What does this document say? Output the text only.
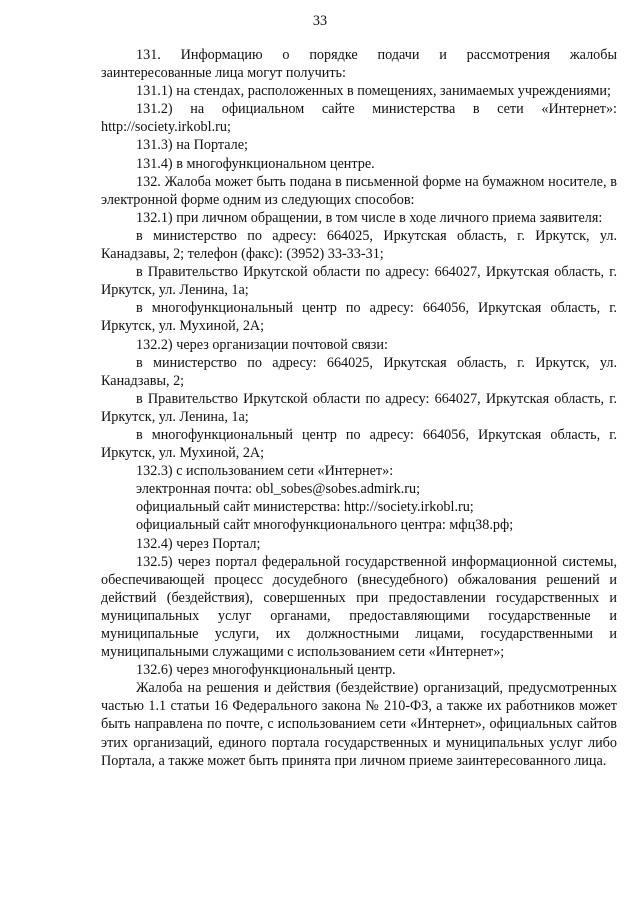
33

131. Информацию о порядке подачи и рассмотрения жалобы заинтересованные лица могут получить:

131.1) на стендах, расположенных в помещениях, занимаемых учреждениями;

131.2) на официальном сайте министерства в сети «Интернет»: http://society.irkobl.ru;

131.3) на Портале;

131.4) в многофункциональном центре.

132. Жалоба может быть подана в письменной форме на бумажном носителе, в электронной форме одним из следующих способов:

132.1) при личном обращении, в том числе в ходе личного приема заявителя:

в министерство по адресу: 664025, Иркутская область, г. Иркутск, ул. Канадзавы, 2; телефон (факс): (3952) 33-33-31;

в Правительство Иркутской области по адресу: 664027, Иркутская область, г. Иркутск, ул. Ленина, 1а;

в многофункциональный центр по адресу: 664056, Иркутская область, г. Иркутск, ул. Мухиной, 2А;

132.2) через организации почтовой связи:

в министерство по адресу: 664025, Иркутская область, г. Иркутск, ул. Канадзавы, 2;

в Правительство Иркутской области по адресу: 664027, Иркутская область, г. Иркутск, ул. Ленина, 1а;

в многофункциональный центр по адресу: 664056, Иркутская область, г. Иркутск, ул. Мухиной, 2А;

132.3) с использованием сети «Интернет»:

электронная почта: obl_sobes@sobes.admirk.ru;

официальный сайт министерства: http://society.irkobl.ru;

официальный сайт многофункционального центра: мфц38.рф;

132.4) через Портал;

132.5) через портал федеральной государственной информационной системы, обеспечивающей процесс досудебного (внесудебного) обжалования решений и действий (бездействия), совершенных при предоставлении государственных и муниципальных услуг органами, предоставляющими государственные и муниципальные услуги, их должностными лицами, государственными и муниципальными служащими с использованием сети «Интернет»;

132.6) через многофункциональный центр.

Жалоба на решения и действия (бездействие) организаций, предусмотренных частью 1.1 статьи 16 Федерального закона № 210-ФЗ, а также их работников может быть направлена по почте, с использованием сети «Интернет», официальных сайтов этих организаций, единого портала государственных и муниципальных услуг либо Портала, а также может быть принята при личном приеме заинтересованного лица.
